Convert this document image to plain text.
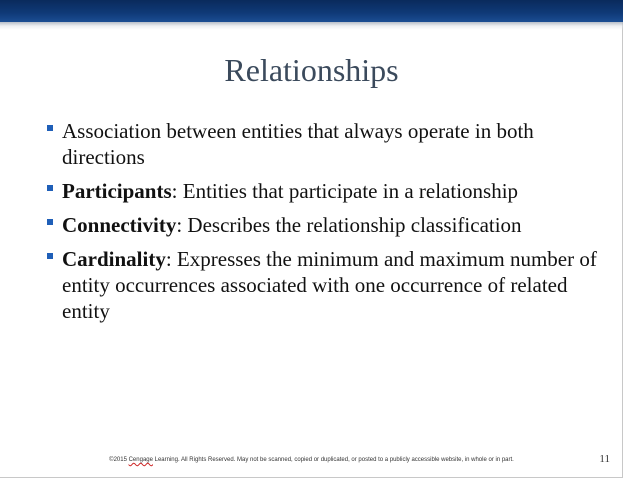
Relationships
Association between entities that always operate in both directions
Participants: Entities that participate in a relationship
Connectivity: Describes the relationship classification
Cardinality: Expresses the minimum and maximum number of entity occurrences associated with one occurrence of related entity
©2015 Cengage Learning. All Rights Reserved. May not be scanned, copied or duplicated, or posted to a publicly accessible website, in whole or in part.	11
